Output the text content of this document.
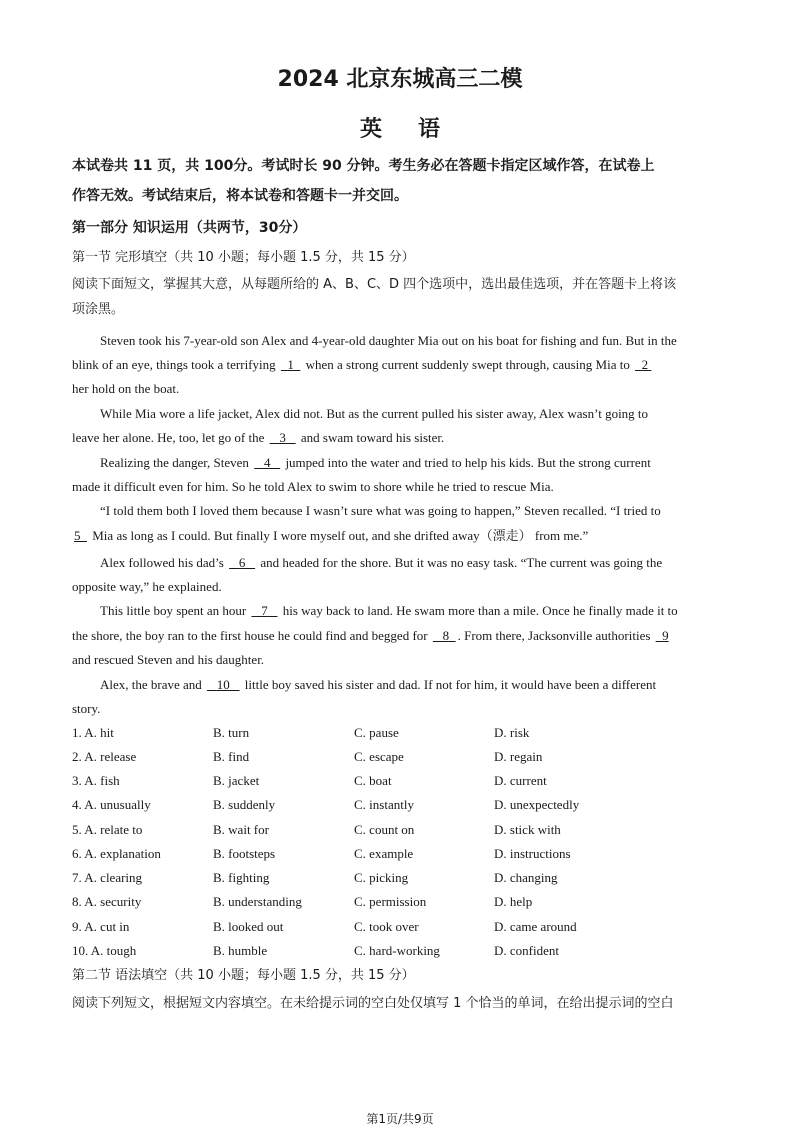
2024 北京东城高三二模
英语
本试卷共 11 页，共 100分。考试时长 90 分钟。考生务必在答题卡指定区域作答，在试卷上
作答无效。考试结束后，将本试卷和答题卡一并交回。
第一部分 知识运用（共两节，30分）
第一节 完形填空（共 10 小题；每小题 1.5 分，共 15 分）
阅读下面短文，掌握其大意，从每题所给的 A、B、C、D 四个选项中，选出最佳选项，并在答题卡上将该
项涂黑。
Steven took his 7-year-old son Alex and 4-year-old daughter Mia out on his boat for fishing and fun. But in the
blink of an eye, things took a terrifying   1   when a strong current suddenly swept through, causing Mia to   2
her hold on the boat.
While Mia wore a life jacket, Alex did not. But as the current pulled his sister away, Alex wasn’t going to
leave her alone. He, too, let go of the    3    and swam toward his sister.
Realizing the danger, Steven    4    jumped into the water and tried to help his kids. But the strong current
made it difficult even for him. So he told Alex to swim to shore while he tried to rescue Mia.
“I told them both I loved them because I wasn’t sure what was going to happen,” Steven recalled. “I tried to
5   Mia as long as I could. But finally I wore myself out, and she drifted away（漂走） from me.”
Alex followed his dad’s    6    and headed for the shore. But it was no easy task. “The current was going the
opposite way,” he explained.
This little boy spent an hour    7    his way back to land. He swam more than a mile. Once he finally made it to
the shore, the boy ran to the first house he could find and begged for    8 . From there, Jacksonville authorities   9
and rescued Steven and his daughter.
Alex, the brave and    10    little boy saved his sister and dad. If not for him, it would have been a different
story.
1. A. hit	B. turn	C. pause	D. risk
2. A. release	B. find	C. escape	D. regain
3. A. fish	B. jacket	C. boat	D. current
4. A. unusually	B. suddenly	C. instantly	D. unexpectedly
5. A. relate to	B. wait for	C. count on	D. stick with
6. A. explanation	B. footsteps	C. example	D. instructions
7. A. clearing	B. fighting	C. picking	D. changing
8. A. security	B. understanding	C. permission	D. help
9. A. cut in	B. looked out	C. took over	D. came around
10. A. tough	B. humble	C. hard-working	D. confident
第二节 语法填空（共 10 小题；每小题 1.5 分，共 15 分）
阅读下列短文，根据短文内容填空。在未给提示词的空白处仅填写 1 个恰当的单词，在给出提示词的空白
第1页/共9页
